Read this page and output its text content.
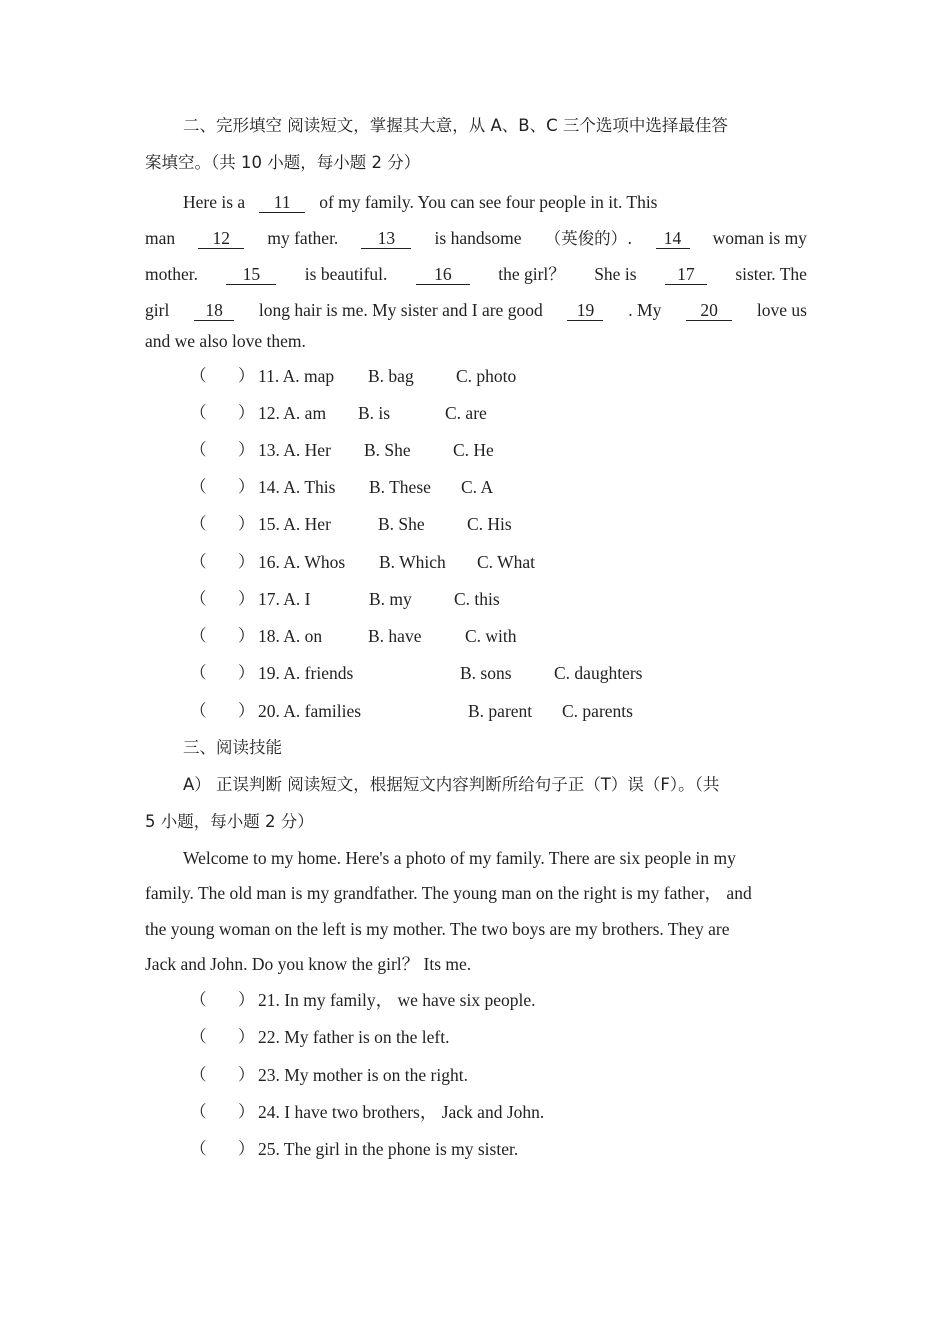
二、完形填空 阅读短文，掌握其大意，从 A、B、C 三个选项中选择最佳答
案填空。（共 10 小题，每小题 2 分）
Here is a	11	of my family. You can see four people in it. This
man	12	my father.	13	is handsome （英俊的）.	14	woman is my
mother.	15	is beautiful.	16	the girl？ She is	17	sister. The
girl	18	long hair is me. My sister and I are good	19	. My	20	love us
and we also love them.
（ ） 11. A. map B. bag C. photo
（ ） 12. A. am B. is	C. are
（ ） 13. A. Her B. She C. He
（ ） 14. A. This B. These C. A
（ ） 15. A. Her	B. She C. His
（ ） 16. A. Whos B. Which C. What
（ ） 17. A. I	B. my C. this
（ ） 18. A. on	B. have C. with
（ ） 19. A. friends	B. sons C. daughters
（ ） 20. A. families	B. parent C. parents
三、阅读技能
A） 正误判断 阅读短文，根据短文内容判断所给句子正（T）误（F）。（共
5 小题，每小题 2 分）
Welcome to my home. Here's a photo of my family. There are six people in my
family. The old man is my grandfather. The young man on the right is my father， and
the young woman on the left is my mother. The two boys are my brothers. They are
Jack and John. Do you know the girl？ Its me.
（ ） 21. In my family， we have six people.
（ ） 22. My father is on the left.
（ ） 23. My mother is on the right.
（ ） 24. I have two brothers， Jack and John.
（ ） 25. The girl in the phone is my sister.
